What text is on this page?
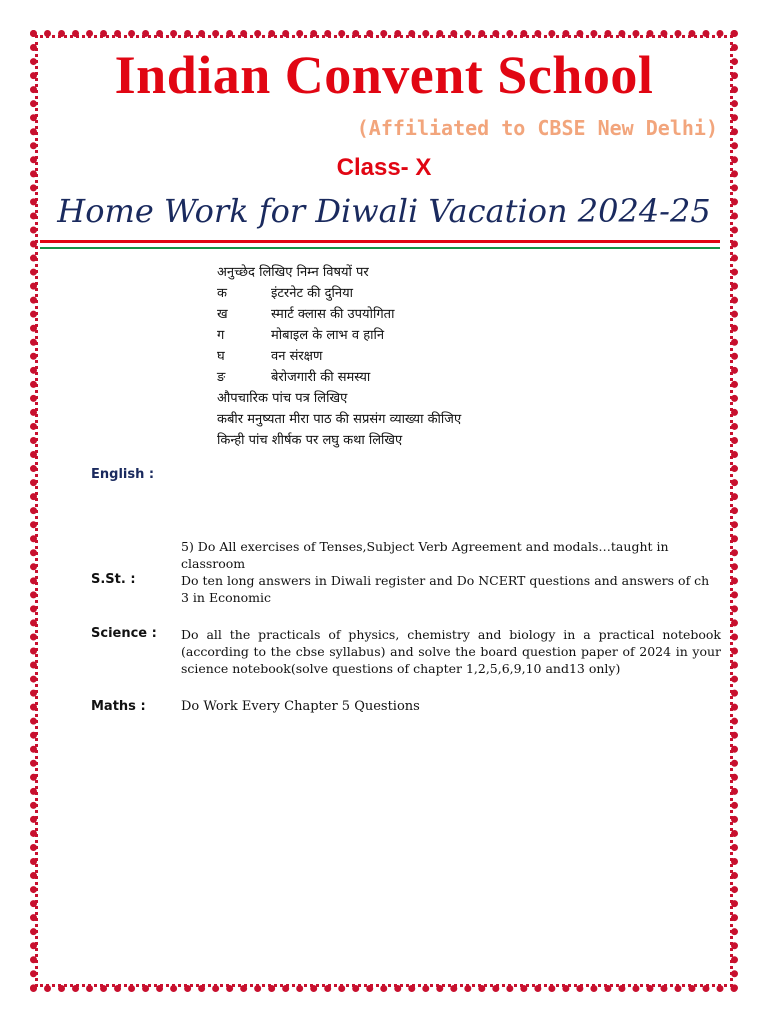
Indian Convent School
(Affiliated to CBSE New Delhi)
Class- X
Home Work for Diwali Vacation 2024-25
अनुच्छेद लिखिए निम्न विषयों पर
क	इंटरनेट की दुनिया
ख	स्मार्ट क्लास की उपयोगिता
ग	मोबाइल के लाभ व हानि
घ	वन संरक्षण
ङ	बेरोजगारी की समस्या
औपचारिक पांच पत्र लिखिए
कबीर मनुष्यता मीरा पाठ की सप्रसंग व्याख्या कीजिए
किन्ही पांच शीर्षक पर लघु कथा लिखिए
English :
5) Do All exercises of Tenses,Subject Verb Agreement and modals…taught in classroom
S.St. :	Do ten long answers in Diwali register and Do NCERT questions and answers of ch 3 in Economic
Science : Do all the practicals of physics, chemistry and biology in a practical notebook (according to the cbse syllabus) and solve the board question paper of 2024 in your science notebook(solve questions of chapter 1,2,5,6,9,10 and13 only)
Maths :	Do Work Every Chapter 5 Questions
